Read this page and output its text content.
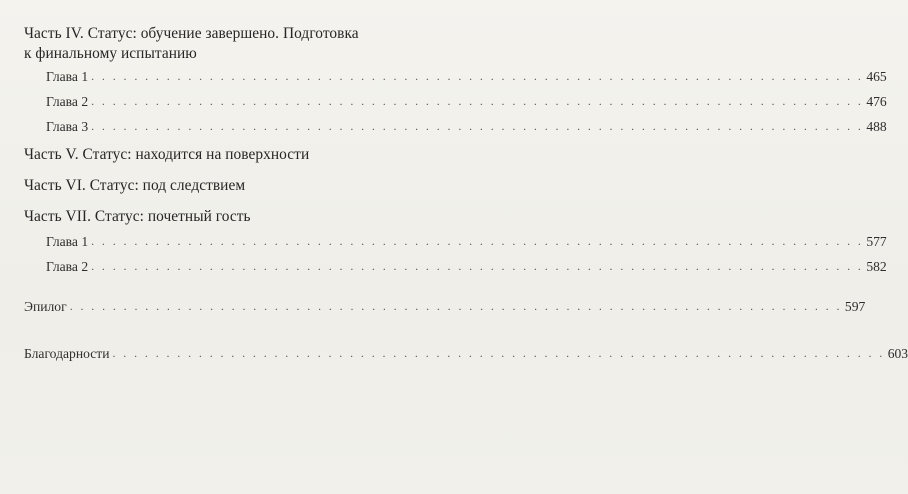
Часть IV. Статус: обучение завершено. Подготовка
к финальному испытанию
Глава 1 . . . . . . . . . . . . . . . . . . . . . . . . . . . . . . . . . . . . . . . . . . . . . . . . . . . . . . . . . . . . . . . . . . . . . . . . 465
Глава 2 . . . . . . . . . . . . . . . . . . . . . . . . . . . . . . . . . . . . . . . . . . . . . . . . . . . . . . . . . . . . . . . . . . . . . . . . 476
Глава 3 . . . . . . . . . . . . . . . . . . . . . . . . . . . . . . . . . . . . . . . . . . . . . . . . . . . . . . . . . . . . . . . . . . . . . . . . 488
Часть V. Статус: находится на поверхности
Часть VI. Статус: под следствием
Часть VII. Статус: почетный гость
Глава 1 . . . . . . . . . . . . . . . . . . . . . . . . . . . . . . . . . . . . . . . . . . . . . . . . . . . . . . . . . . . . . . . . . . . . . . . . 577
Глава 2 . . . . . . . . . . . . . . . . . . . . . . . . . . . . . . . . . . . . . . . . . . . . . . . . . . . . . . . . . . . . . . . . . . . . . . . . 582
Эпилог . . . . . . . . . . . . . . . . . . . . . . . . . . . . . . . . . . . . . . . . . . . . . . . . . . . . . . . . . . . . . . . . . . . . . . . . 597
Благодарности . . . . . . . . . . . . . . . . . . . . . . . . . . . . . . . . . . . . . . . . . . . . . . . . . . . . . . . . . . . . . . . . . . . . . . . . 603
